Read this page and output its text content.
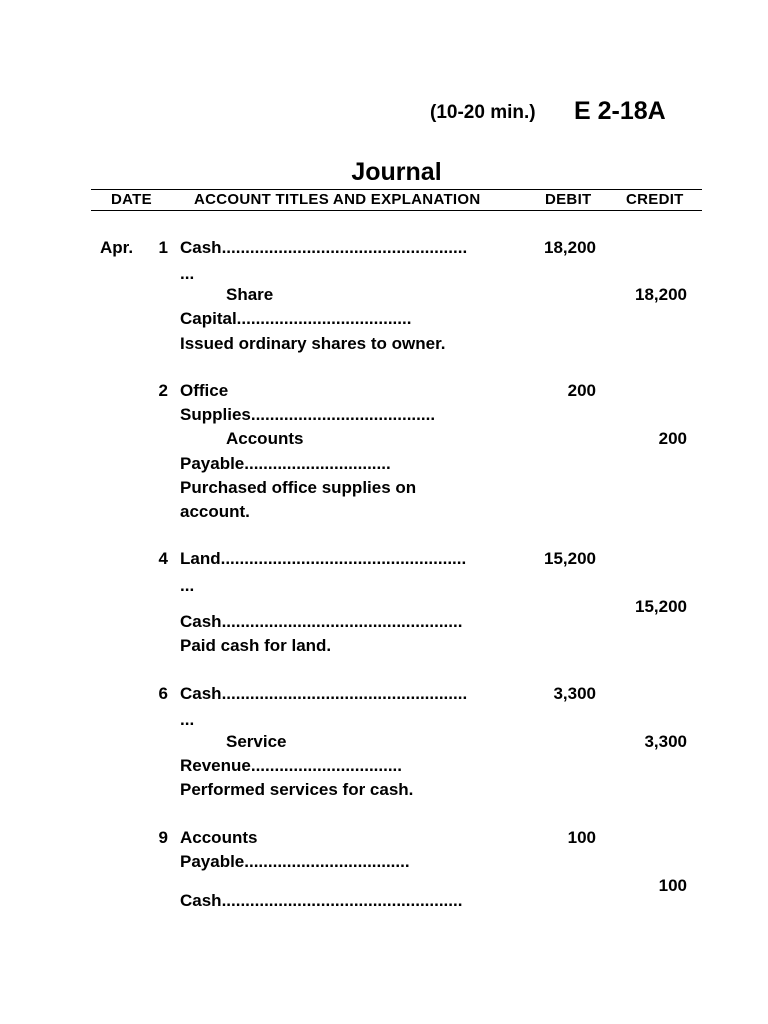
(10-20 min.) E 2-18A
Journal
DATE	ACCOUNT TITLES AND EXPLANATION	DEBIT CREDIT
Apr. 1 Cash....................................................
...
18,200
Share
Capital.....................................
18,200
Issued ordinary shares to owner.
2 Office
Supplies.......................................
200
Accounts
Payable...............................
200
Purchased office supplies on
account.
4 Land....................................................
...
15,200
Cash...................................................
15,200
Paid cash for land.
6 Cash....................................................
...
3,300
Service
Revenue................................
3,300
Performed services for cash.
9 Accounts
Payable...................................
100
Cash...................................................
100
